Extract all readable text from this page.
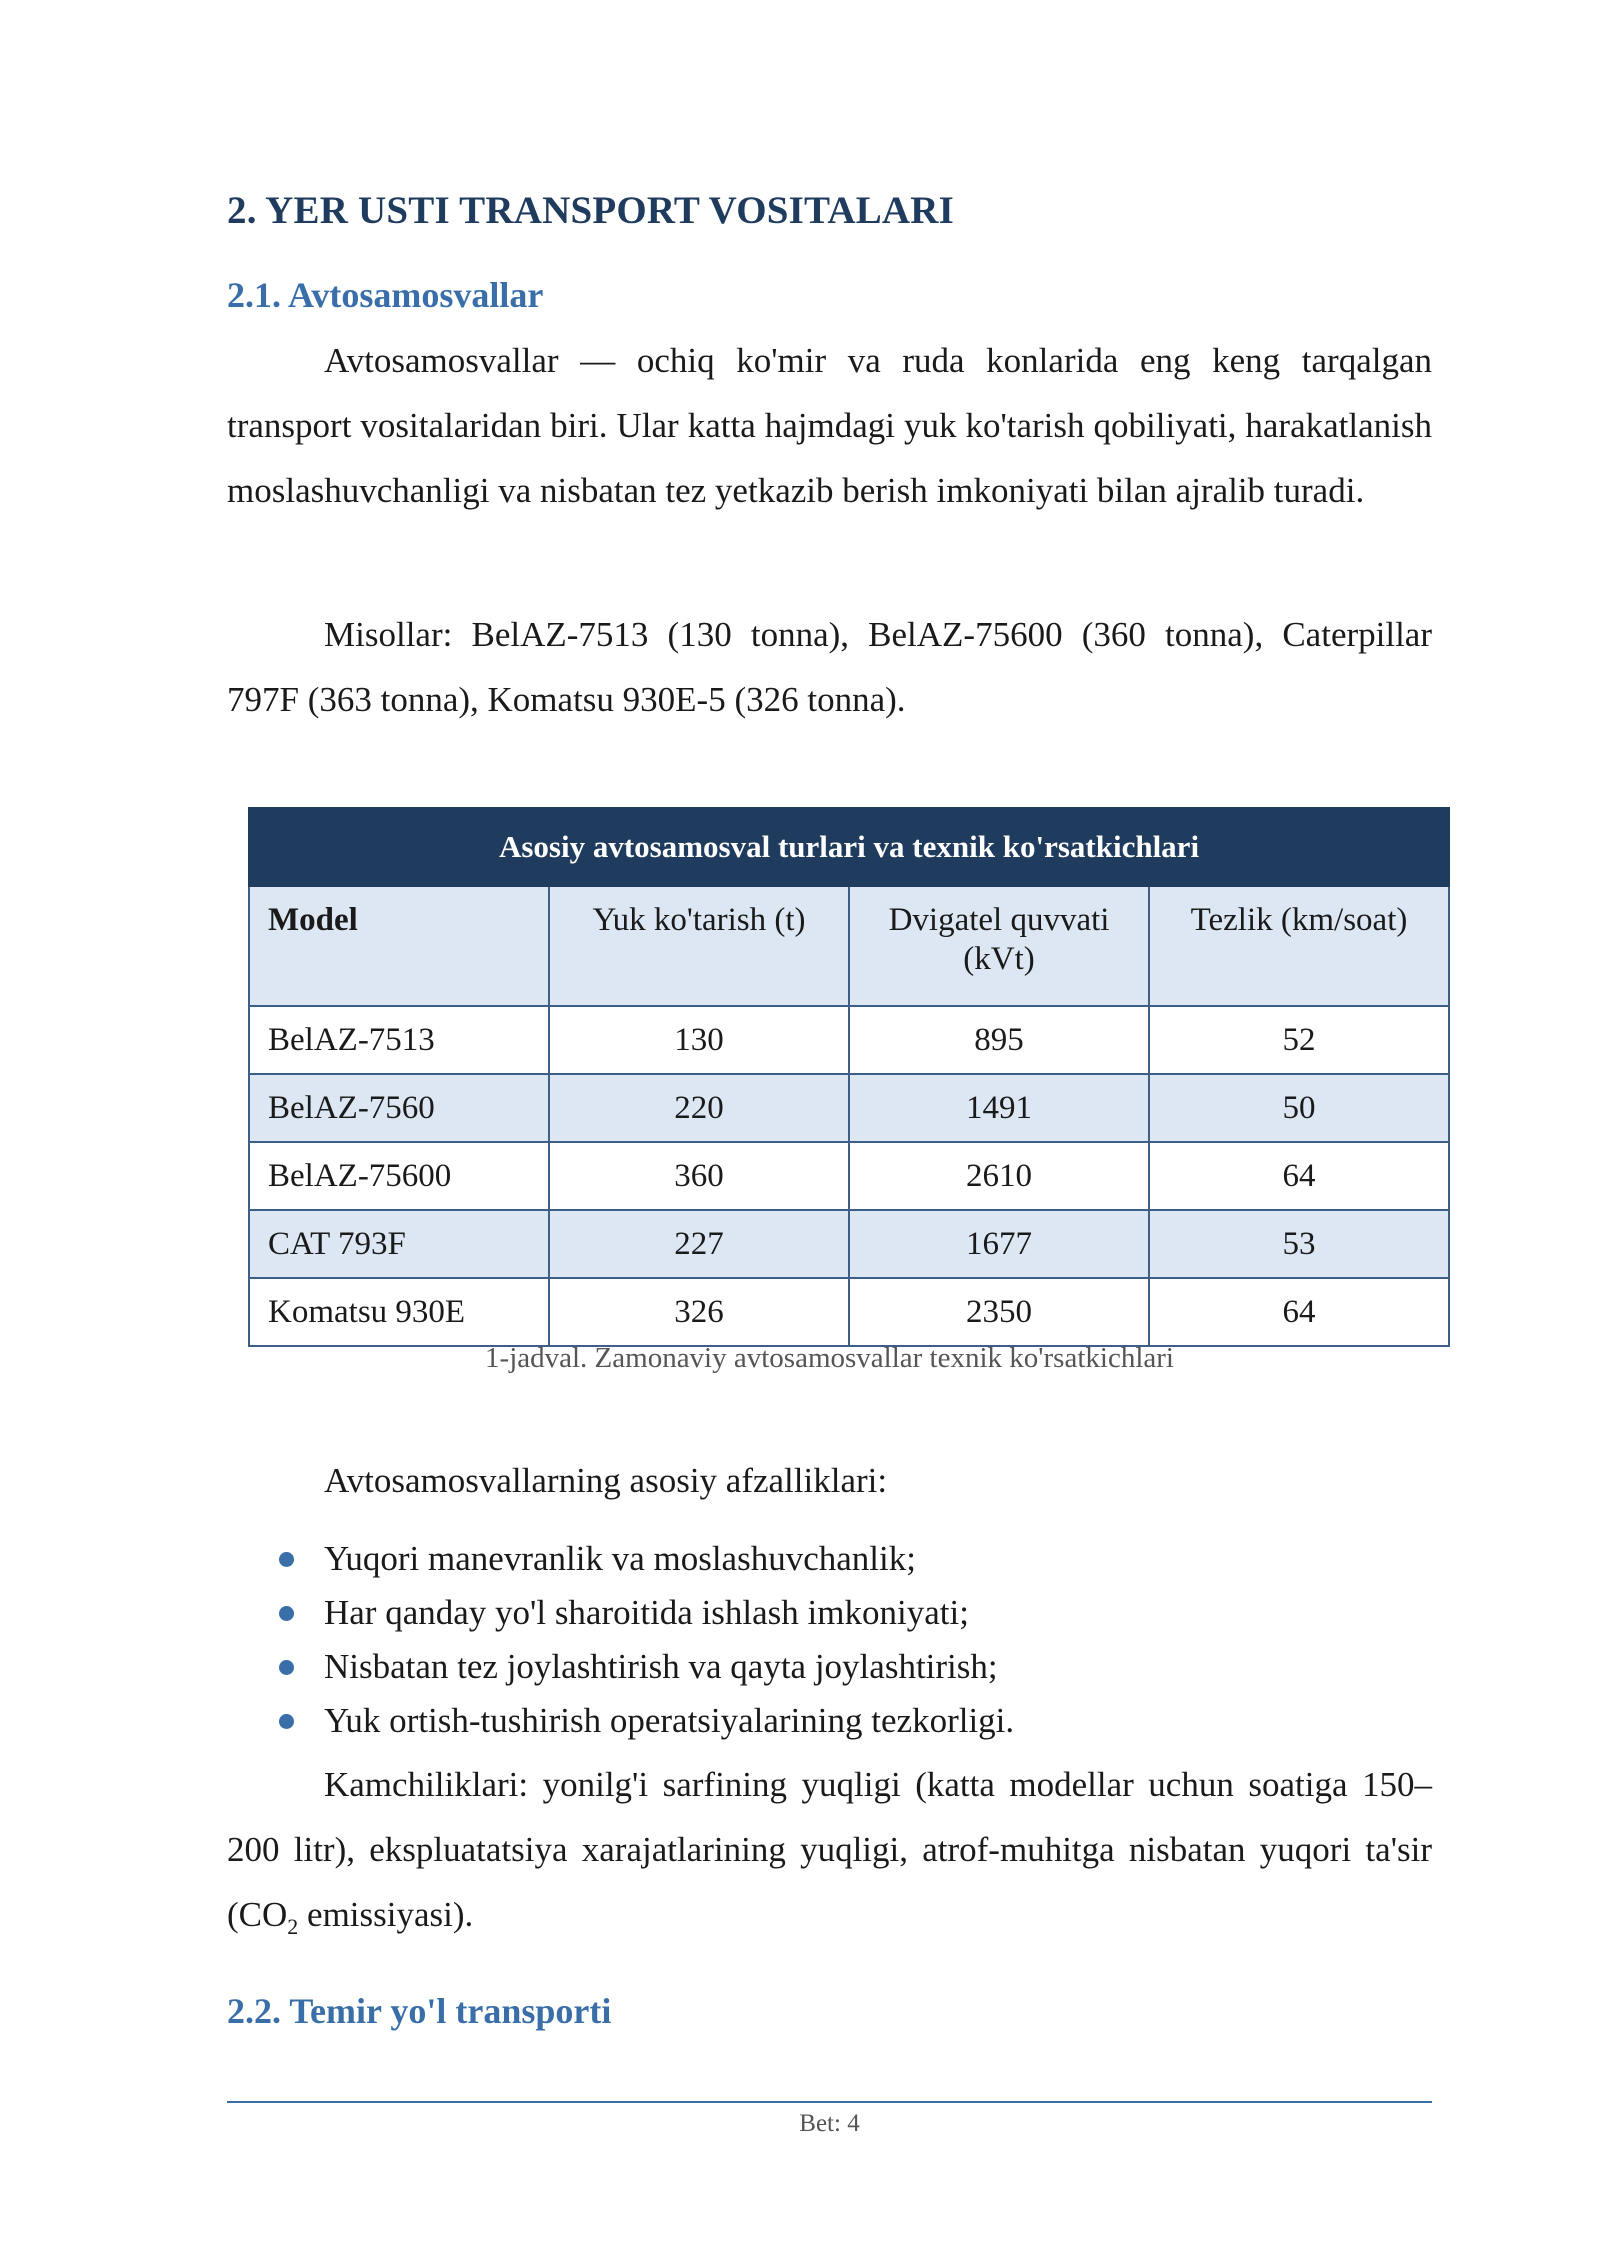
2. YER USTI TRANSPORT VOSITALARI
2.1. Avtosamosvallar

Avtosamosvallar — ochiq ko'mir va ruda konlarida eng keng tarqalgan transport vositalaridan biri. Ular katta hajmdagi yuk ko'tarish qobiliyati, harakatlanish moslashuvchanligi va nisbatan tez yetkazib berish imkoniyati bilan ajralib turadi.

Misollar: BelAZ-7513 (130 tonna), BelAZ-75600 (360 tonna), Caterpillar 797F (363 tonna), Komatsu 930E-5 (326 tonna).

Asosiy avtosamosval turlari va texnik ko'rsatkichlari			
Model	Yuk ko'tarish (t)	Dvigatel quvvati (kVt)	Tezlik (km/soat)
BelAZ-7513	130	895	52
BelAZ-7560	220	1491	50
BelAZ-75600	360	2610	64
CAT 793F	227	1677	53
Komatsu 930E	326	2350	64
1-jadval. Zamonaviy avtosamosvallar texnik ko'rsatkichlari

Avtosamosvallarning asosiy afzalliklari:

Yuqori manevranlik va moslashuvchanlik;
Har qanday yo'l sharoitida ishlash imkoniyati;
Nisbatan tez joylashtirish va qayta joylashtirish;
Yuk ortish-tushirish operatsiyalarining tezkorligi.

Kamchiliklari: yonilg'i sarfining yuqligi (katta modellar uchun soatiga 150–200 litr), ekspluatatsiya xarajatlarining yuqligi, atrof-muhitga nisbatan yuqori ta'sir ($CO_2$ emissiyasi).

2.2. Temir yo'l transporti
Bet: 4
